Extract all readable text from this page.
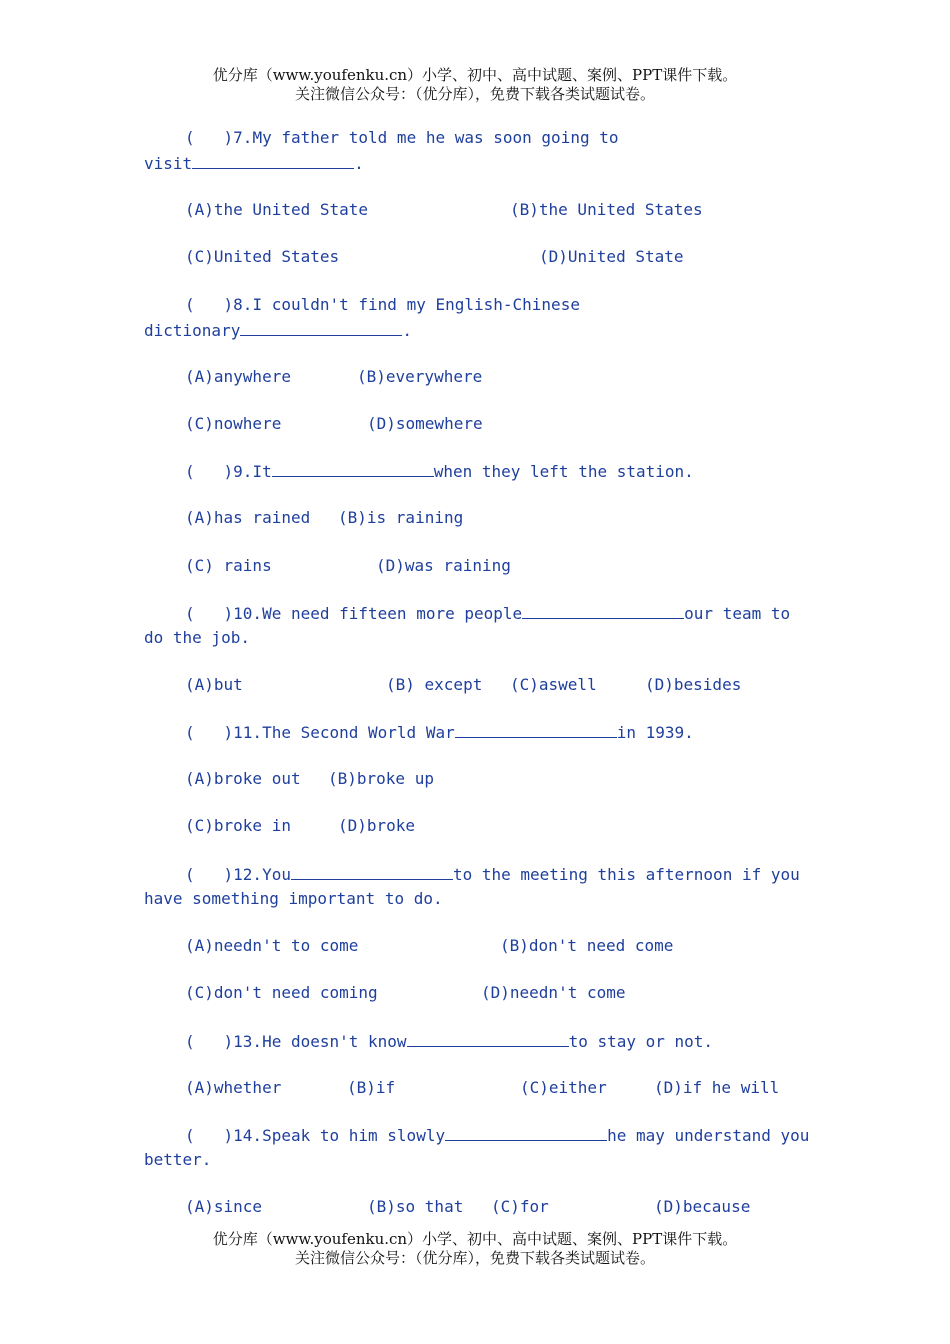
优分库（www.youfenku.cn）小学、初中、高中试题、案例、PPT课件下载。
关注微信公众号：（优分库），免费下载各类试题试卷。
(   )7.My father told me he was soon going to
visit	.
(A)the United State	(B)the United States
(C)United States	(D)United State
(   )8.I couldn't find my English-Chinese
dictionary	.
(A)anywhere	(B)everywhere
(C)nowhere	(D)somewhere
(   )9.It	when they left the station.
(A)has rained (B)is raining
(C) rains	(D)was raining
(   )10.We need fifteen more people	our team to
do the job.
(A)but	(B) except (C)aswell	(D)besides
(   )11.The Second World War	in 1939.
(A)broke out (B)broke up
(C)broke in	(D)broke
(   )12.You	to the meeting this afternoon if you
have something important to do.
(A)needn't to come	(B)don't need come
(C)don't need coming	(D)needn't come
(   )13.He doesn't know	to stay or not.
(A)whether	(B)if	(C)either	(D)if he will
(   )14.Speak to him slowly	he may understand you
better.
(A)since	(B)so that (C)for	(D)because
优分库（www.youfenku.cn）小学、初中、高中试题、案例、PPT课件下载。
关注微信公众号：（优分库），免费下载各类试题试卷。
